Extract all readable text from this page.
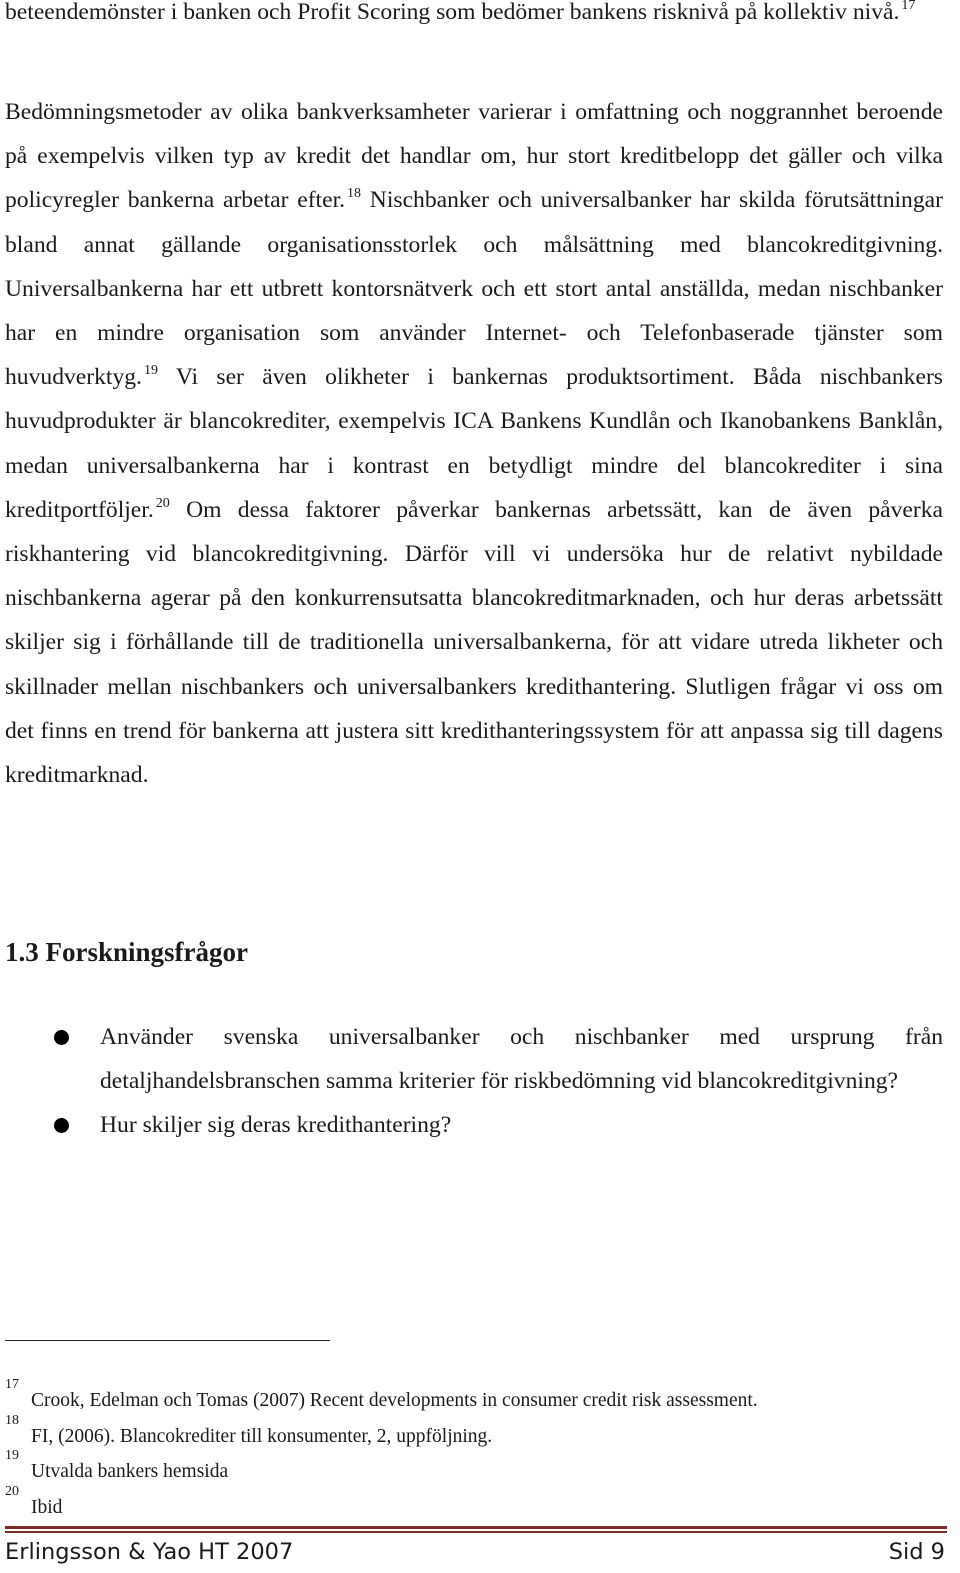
beteendemönster i banken och Profit Scoring som bedömer bankens risknivå på kollektiv nivå. $^{17}$

Bedömningsmetoder av olika bankverksamheter varierar i omfattning och noggrannhet beroende på exempelvis vilken typ av kredit det handlar om, hur stort kreditbelopp det gäller och vilka policyregler bankerna arbetar efter. $^{18}$ Nischbanker och universalbanker har skilda förutsättningar bland annat gällande organisationsstorlek och målsättning med blancokreditgivning. Universalbankerna har ett utbrett kontorsnätverk och ett stort antal anställda, medan nischbanker har en mindre organisation som använder Internet- och Telefonbaserade tjänster som huvudverktyg. $^{19}$ Vi ser även olikheter i bankernas produktsortiment. Båda nischbankers huvudprodukter är blancokrediter, exempelvis ICA Bankens Kundlån och Ikanobankens Banklån, medan universalbankerna har i kontrast en betydligt mindre del blancokrediter i sina kreditportföljer. $^{20}$ Om dessa faktorer påverkar bankernas arbetssätt, kan de även påverka riskhantering vid blancokreditgivning. Därför vill vi undersöka hur de relativt nybildade nischbankerna agerar på den konkurrensutsatta blancokreditmarknaden, och hur deras arbetssätt skiljer sig i förhållande till de traditionella universalbankerna, för att vidare utreda likheter och skillnader mellan nischbankers och universalbankers kredithantering. Slutligen frågar vi oss om det finns en trend för bankerna att justera sitt kredithanteringssystem för att anpassa sig till dagens kreditmarknad.

1.3 Forskningsfrågor
Använder svenska universalbanker och nischbanker med ursprung från detaljhandelsbranschen samma kriterier för riskbedömning vid blancokreditgivning?
Hur skiljer sig deras kredithantering?
17
Crook, Edelman och Tomas (2007) Recent developments in consumer credit risk assessment.
18
FI, (2006). Blancokrediter till konsumenter, 2, uppföljning.
19
Utvalda bankers hemsida
20
Ibid
Erlingsson & Yao HT 2007	Sid 9
